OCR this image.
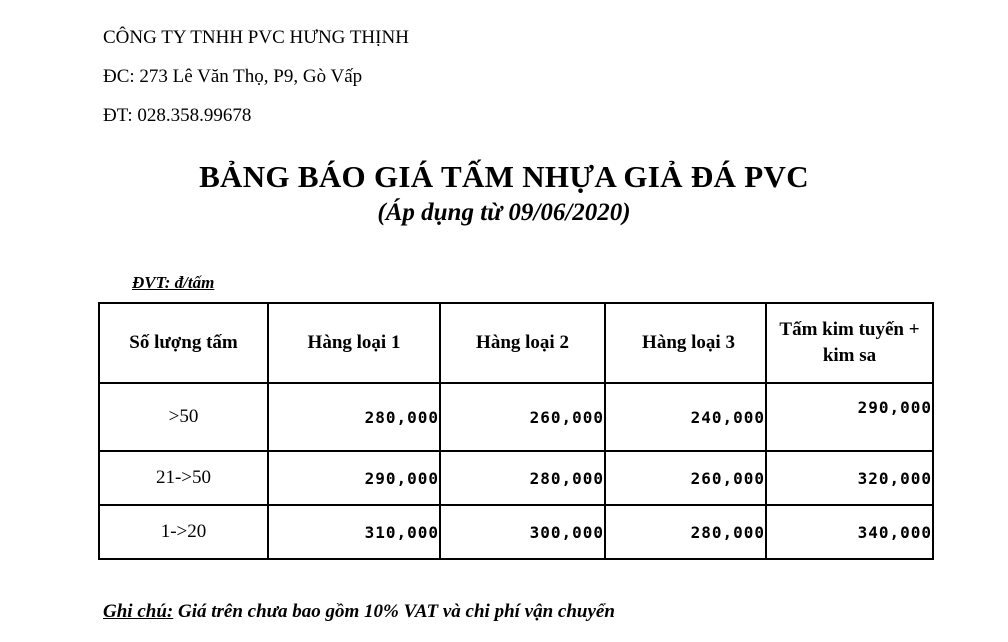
CÔNG TY TNHH PVC HƯNG THỊNH
ĐC: 273 Lê Văn Thọ, P9, Gò Vấp
ĐT: 028.358.99678
BẢNG BÁO GIÁ TẤM NHỰA GIẢ ĐÁ PVC
(Áp dụng từ 09/06/2020)
ĐVT: đ/tấm
Số lượng tấm	Hàng loại 1	Hàng loại 2	Hàng loại 3	Tấm kim tuyến + kim sa
>50	280,000	260,000	240,000	290,000
21->50	290,000	280,000	260,000	320,000
1->20	310,000	300,000	280,000	340,000
Ghi chú: Giá trên chưa bao gồm 10% VAT và chi phí vận chuyển
